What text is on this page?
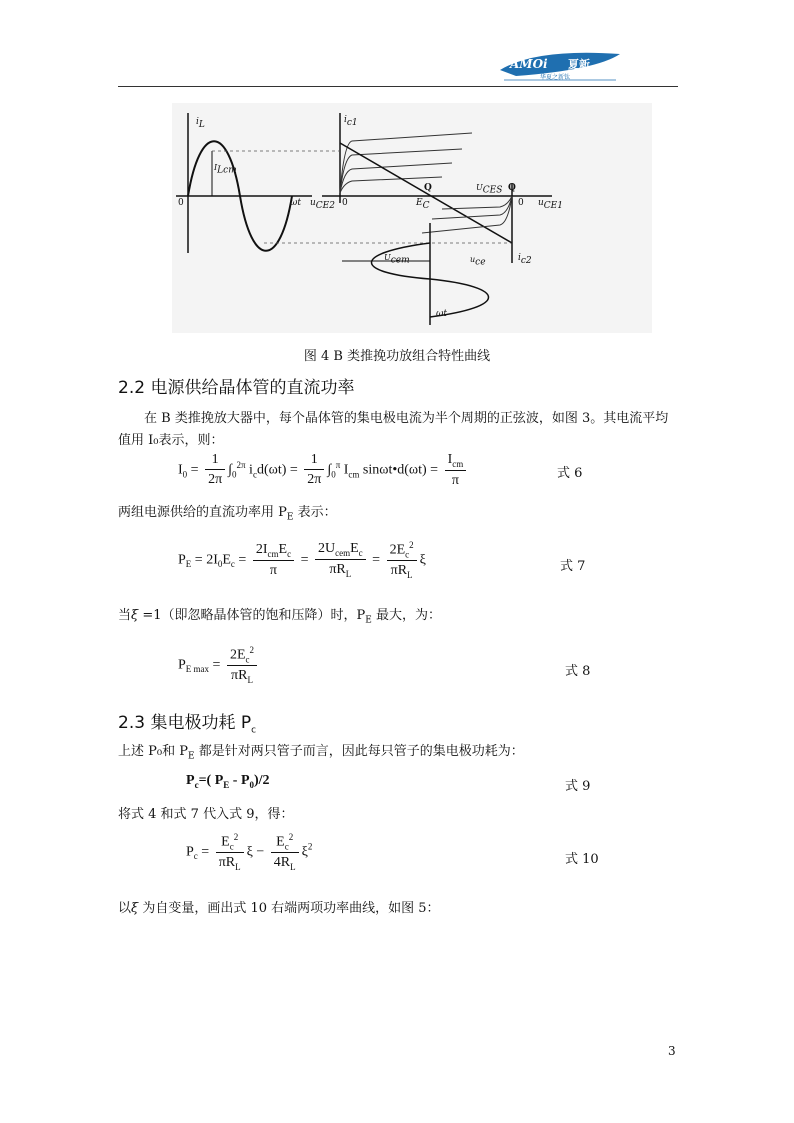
AMOi 夏新
华夏之新钛
$i_L$
$I_{Lcm}$
0	ωt
$i_{c1}$
$u_{CE2}$ 0
Q
$E_C$
$U_{CES}$ Q
0 $u_{CE1}$
$u_{ce}$
$U_{cem}$	$i_{c2}$
ωt
图 4 B 类推挽功放组合特性曲线
2.2 电源供给晶体管的直流功率
在 B 类推挽放大器中，每个晶体管的集电极电流为半个周期的正弦波，如图 3。其电流平均值用 I₀表示，则：
$I_0 = \frac{1}{2\pi} \int_0^{2\pi}$ $i_cd(\omega t) = \frac{1}{2\pi} \int_0^\pi$ $I_{cm}$ sinωt•d(ωt) = $\frac{I_{cm}}{\pi}$	式 6
两组电源供给的直流功率用 $P_E$ 表示：
$P_E = 2I_0E_c = \frac{2I_{cm}E_c}{\pi} = \frac{2U_{cem}E_c}{\pi R_L} = \frac{2E_c^2}{\pi R_L}$ ξ	式 7
当ξ =1（即忽略晶体管的饱和压降）时，$P_E$ 最大，为：
$P_{E max} = \frac{2E_c^2}{\pi R_L}$	式 8
2.3 集电极功耗 $P_c$
上述 P₀和 $P_E$ 都是针对两只管子而言，因此每只管子的集电极功耗为：
$P_c=$( $P_E - P_0)/2$	式 9
将式 4 和式 7 代入式 9，得：
$P_c = \frac{E_c^2}{\pi R_L}$ $\xi - \frac{E_c^2}{4R_L} \xi^2$
式 10
以ξ 为自变量，画出式 10 右端两项功率曲线，如图 5：
3
